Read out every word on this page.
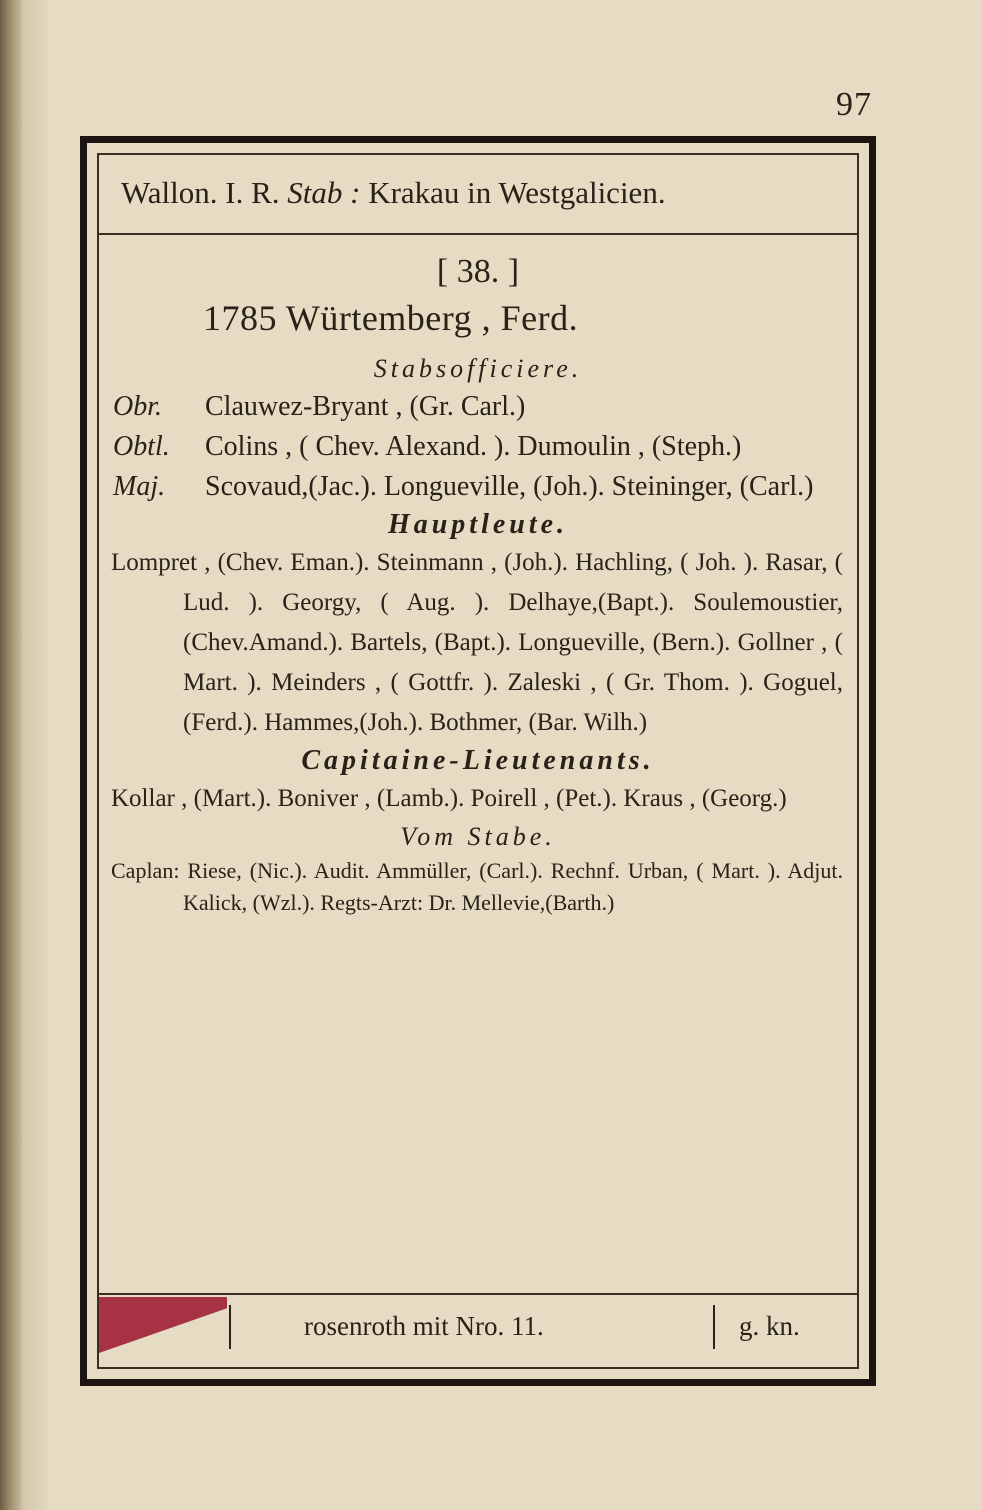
97
Wallon. I. R. Stab : Krakau in Westgalicien.
[ 38. ]
1785 Würtemberg , Ferd.
Stabsofficiere.
Obr.	Clauwez-Bryant , (Gr. Carl.)
Obtl.	Colins , ( Chev. Alexand. ). Dumoulin , (Steph.)
Maj.	Scovaud,(Jac.). Longueville, (Joh.). Steininger, (Carl.)
Hauptleute.
Lompret , (Chev. Eman.). Steinmann , (Joh.). Hachling, ( Joh. ). Rasar, ( Lud. ). Georgy, ( Aug. ). Delhaye,(Bapt.). Soulemoustier,(Chev.Amand.). Bartels, (Bapt.). Longueville, (Bern.). Gollner , ( Mart. ). Meinders , ( Gottfr. ). Zaleski , ( Gr. Thom. ). Goguel, (Ferd.). Hammes,(Joh.). Bothmer, (Bar. Wilh.)
Capitaine-Lieutenants.
Kollar , (Mart.). Boniver , (Lamb.). Poirell , (Pet.). Kraus , (Georg.)
Vom Stabe.
Caplan: Riese, (Nic.). Audit. Ammüller, (Carl.). Rechnf. Urban, ( Mart. ). Adjut. Kalick, (Wzl.). Regts-Arzt: Dr. Mellevie,(Barth.)
rosenroth mit Nro. 11.	g. kn.
